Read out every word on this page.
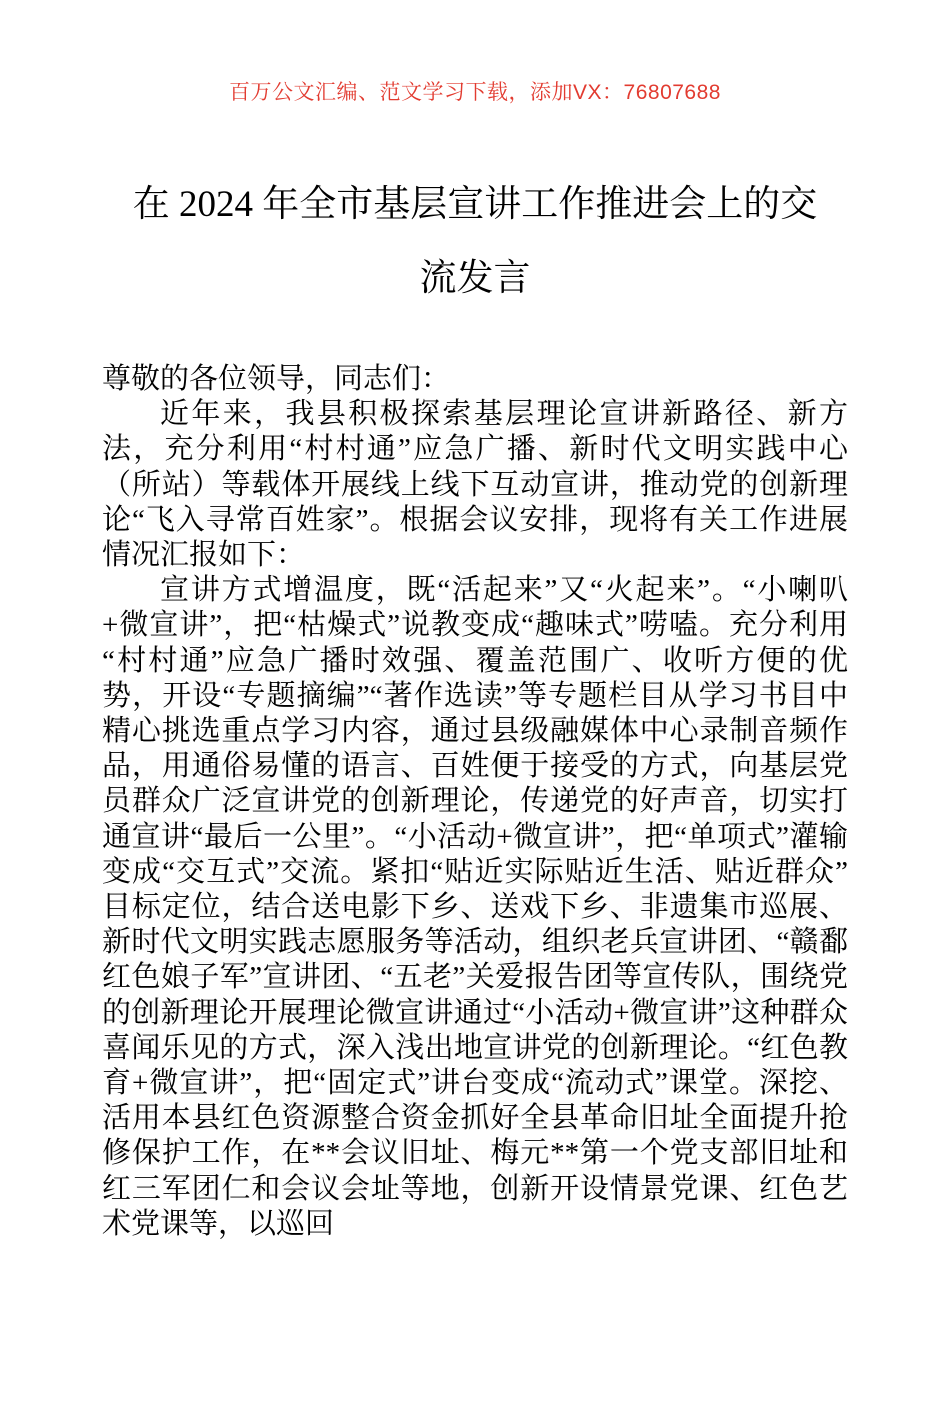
百万公文汇编、范文学习下载，添加VX：76807688
在 2024 年全市基层宣讲工作推进会上的交
流发言

尊敬的各位领导，同志们：

近年来，我县积极探索基层理论宣讲新路径、新方法，充分利用“村村通”应急广播、新时代文明实践中心（所站）等载体开展线上线下互动宣讲，推动党的创新理论“飞入寻常百姓家”。根据会议安排，现将有关工作进展情况汇报如下：

宣讲方式增温度，既“活起来”又“火起来”。“小喇叭+微宣讲”，把“枯燥式”说教变成“趣味式”唠嗑。充分利用“村村通”应急广播时效强、覆盖范围广、收听方便的优势，开设“专题摘编”“著作选读”等专题栏目从学习书目中精心挑选重点学习内容，通过县级融媒体中心录制音频作品，用通俗易懂的语言、百姓便于接受的方式，向基层党员群众广泛宣讲党的创新理论，传递党的好声音，切实打通宣讲“最后一公里”。“小活动+微宣讲”，把“单项式”灌输变成“交互式”交流。紧扣“贴近实际贴近生活、贴近群众”目标定位，结合送电影下乡、送戏下乡、非遗集市巡展、新时代文明实践志愿服务等活动，组织老兵宣讲团、“赣鄱红色娘子军”宣讲团、“五老”关爱报告团等宣传队，围绕党的创新理论开展理论微宣讲通过“小活动+微宣讲”这种群众喜闻乐见的方式，深入浅出地宣讲党的创新理论。“红色教育+微宣讲”，把“固定式”讲台变成“流动式”课堂。深挖、活用本县红色资源整合资金抓好全县革命旧址全面提升抢修保护工作，在**会议旧址、梅元**第一个党支部旧址和红三军团仁和会议会址等地，创新开设情景党课、红色艺术党课等，以巡回
